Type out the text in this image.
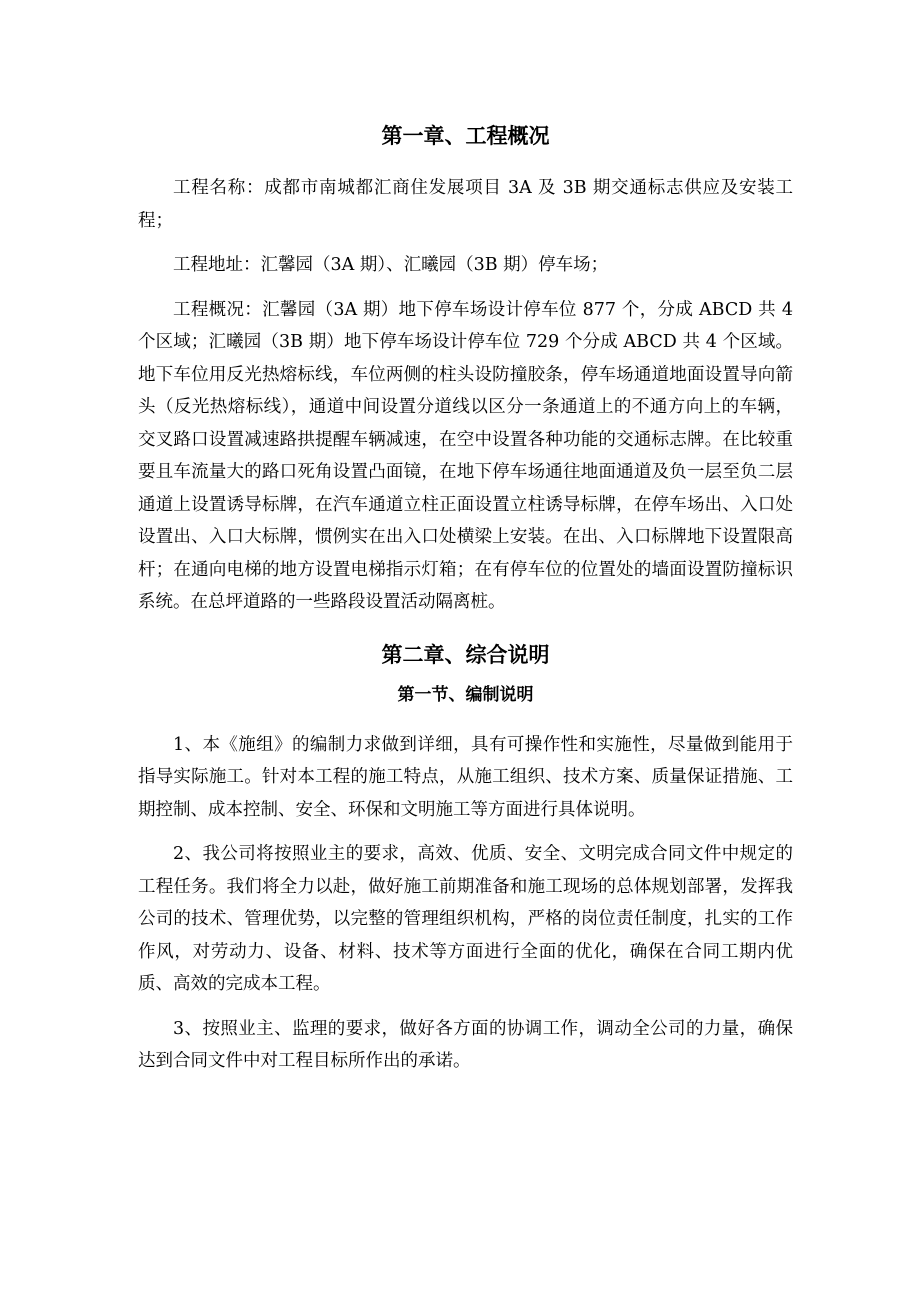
第一章、工程概况

工程名称：成都市南城都汇商住发展项目 3A 及 3B 期交通标志供应及安装工程；

工程地址：汇馨园（3A 期）、汇曦园（3B 期）停车场；

工程概况：汇馨园（3A 期）地下停车场设计停车位 877 个，分成 ABCD 共 4 个区域；汇曦园（3B 期）地下停车场设计停车位 729 个分成 ABCD 共 4 个区域。地下车位用反光热熔标线，车位两侧的柱头设防撞胶条，停车场通道地面设置导向箭头（反光热熔标线），通道中间设置分道线以区分一条通道上的不通方向上的车辆，交叉路口设置减速路拱提醒车辆减速，在空中设置各种功能的交通标志牌。在比较重要且车流量大的路口死角设置凸面镜，在地下停车场通往地面通道及负一层至负二层通道上设置诱导标牌，在汽车通道立柱正面设置立柱诱导标牌，在停车场出、入口处设置出、入口大标牌，惯例实在出入口处横梁上安装。在出、入口标牌地下设置限高杆；在通向电梯的地方设置电梯指示灯箱；在有停车位的位置处的墙面设置防撞标识系统。在总坪道路的一些路段设置活动隔离桩。

第二章、综合说明
第一节、编制说明

1、本《施组》的编制力求做到详细，具有可操作性和实施性，尽量做到能用于指导实际施工。针对本工程的施工特点，从施工组织、技术方案、质量保证措施、工期控制、成本控制、安全、环保和文明施工等方面进行具体说明。

2、我公司将按照业主的要求，高效、优质、安全、文明完成合同文件中规定的工程任务。我们将全力以赴，做好施工前期准备和施工现场的总体规划部署，发挥我公司的技术、管理优势，以完整的管理组织机构，严格的岗位责任制度，扎实的工作作风，对劳动力、设备、材料、技术等方面进行全面的优化，确保在合同工期内优质、高效的完成本工程。

3、按照业主、监理的要求，做好各方面的协调工作，调动全公司的力量，确保达到合同文件中对工程目标所作出的承诺。
